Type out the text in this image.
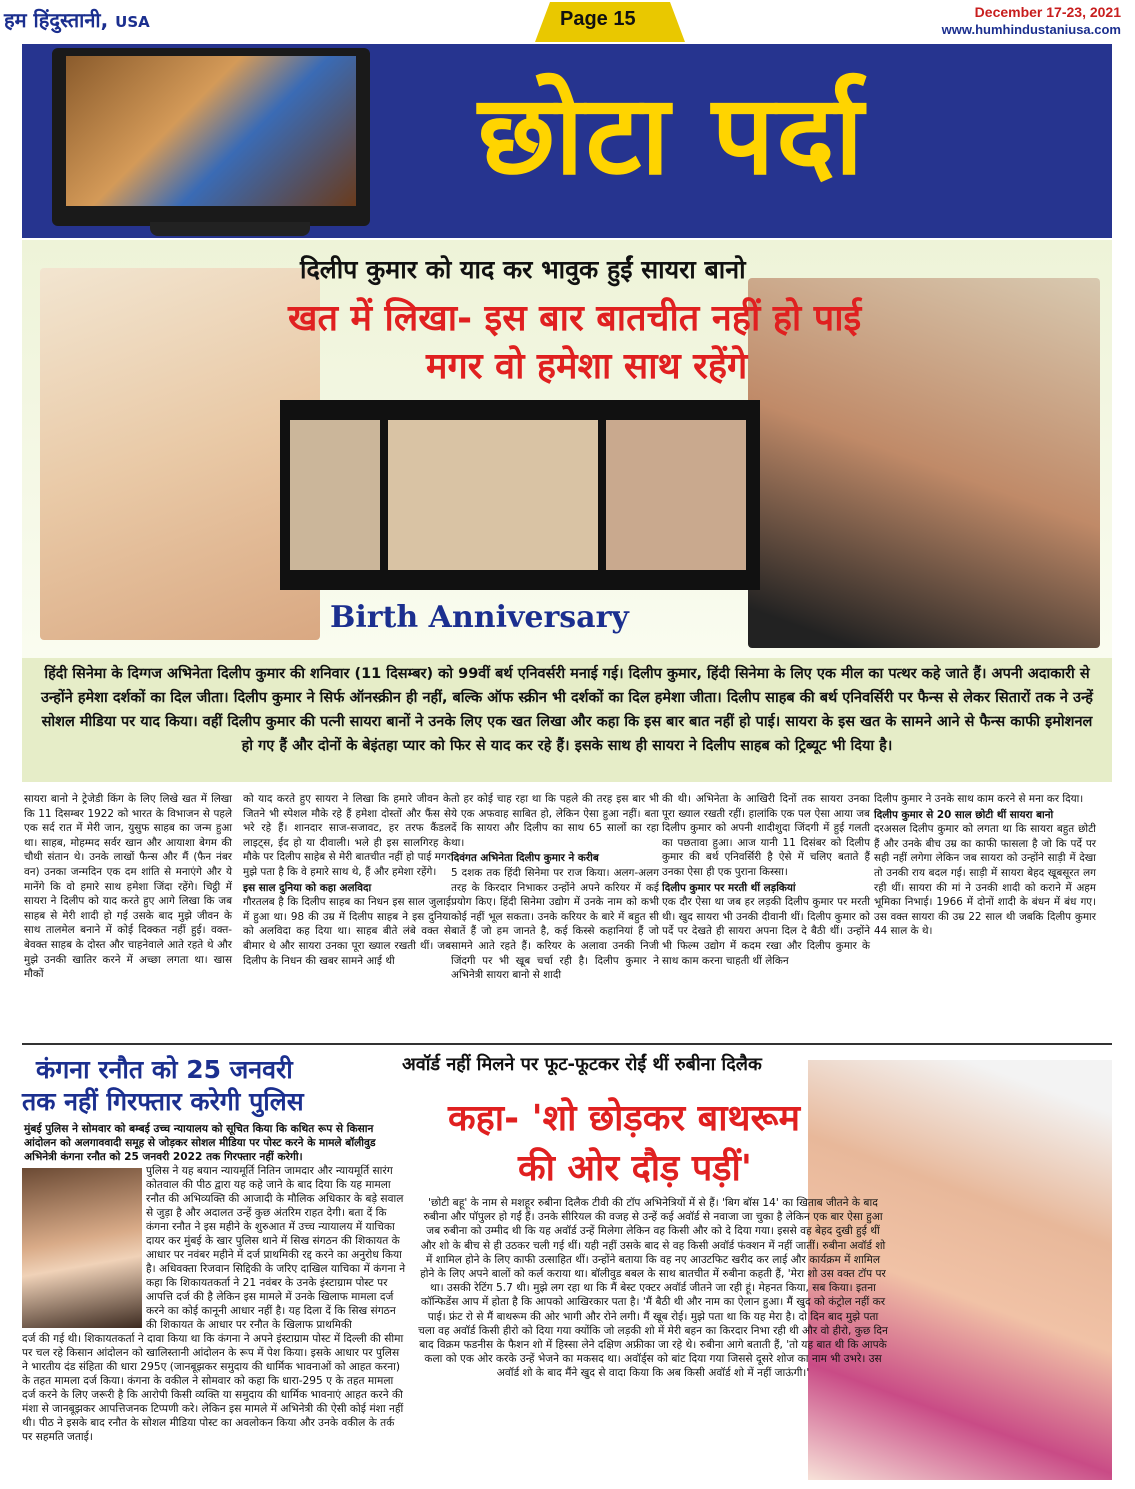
हम हिंदुस्तानी, USA	Page 15	December 17-23, 2021
www.humhindustaniusa.com
छोटा पर्दा
दिलीप कुमार को याद कर भावुक हुईं सायरा बानो
खत में लिखा- इस बार बातचीत नहीं हो पाई
मगर वो हमेशा साथ रहेंगे
Birth Anniversary
हिंदी सिनेमा के दिग्गज अभिनेता दिलीप कुमार की शनिवार (11 दिसम्बर) को 99वीं बर्थ एनिवर्सरी मनाई गई। दिलीप कुमार, हिंदी सिनेमा के लिए एक मील का पत्थर कहे जाते हैं। अपनी अदाकारी से उन्होंने हमेशा दर्शकों का दिल जीता। दिलीप कुमार ने सिर्फ ऑनस्क्रीन ही नहीं, बल्कि ऑफ स्क्रीन भी दर्शकों का दिल हमेशा जीता। दिलीप साहब की बर्थ एनिवर्सिरी पर फैन्स से लेकर सितारों तक ने उन्हें सोशल मीडिया पर याद किया। वहीं दिलीप कुमार की पत्नी सायरा बानों ने उनके लिए एक खत लिखा और कहा कि इस बार बात नहीं हो पाई। सायरा के इस खत के सामने आने से फैन्स काफी इमोशनल हो गए हैं और दोनों के बेइंतहा प्यार को फिर से याद कर रहे हैं। इसके साथ ही सायरा ने दिलीप साहब को ट्रिब्यूट भी दिया है।

सायरा बानो ने ट्रेजेडी किंग के लिए लिखे खत में लिखा कि 11 दिसम्बर 1922 को भारत के विभाजन से पहले एक सर्द रात में मेरी जान, युसुफ साहब का जन्म हुआ था। साहब, मोहम्मद सर्वर खान और आयाशा बेगम की चौथी संतान थे। उनके लाखों फैन्स और मैं (फैन नंबर वन) उनका जन्मदिन एक दम शांति से मनाएंगे और ये मानेंगे कि वो हमारे साथ हमेशा जिंदा रहेंगे। चिट्ठी में सायरा ने दिलीप को याद करते हुए आगे लिखा कि जब साहब से मेरी शादी हो गई उसके बाद मुझे जीवन के साथ तालमेल बनाने में कोई दिक्कत नहीं हुई। वक्त-बेवक्त साहब के दोस्त और चाहनेवाले आते रहते थे और मुझे उनकी खातिर करने में अच्छा लगता था। खास मौकों

को याद करते हुए सायरा ने लिखा कि हमारे जीवन के जितने भी स्पेशल मौके रहे हैं हमेशा दोस्तों और फैंस से भरे रहे हैं। शानदार साज-सजावट, हर तरफ कैंडल लाइट्स, ईद हो या दीवाली। भले ही इस सालगिरह के मौके पर दिलीप साहेब से मेरी बातचीत नहीं हो पाई मगर मुझे पता है कि वे हमारे साथ थे, हैं और हमेशा रहेंगे।

इस साल दुनिया को कहा अलविदा

गौरतलब है कि दिलीप साहब का निधन इस साल जुलाई में हुआ था। 98 की उम्र में दिलीप साहब ने इस दुनिया को अलविदा कह दिया था। साहब बीते लंबे वक्त से बीमार थे और सायरा उनका पूरा ख्याल रखती थीं। जब दिलीप के निधन की खबर सामने आई थी

तो हर कोई चाह रहा था कि पहले की तरह इस बार भी ये एक अफवाह साबित हो, लेकिन ऐसा हुआ नहीं। बता दें कि सायरा और दिलीप का साथ 65 सालों का रहा था।

दिवंगत अभिनेता दिलीप कुमार ने करीब

5 दशक तक हिंदी सिनेमा पर राज किया। अलग-अलग तरह के किरदार निभाकर उन्होंने अपने करियर में कई प्रयोग किए। हिंदी सिनेमा उद्योग में उनके नाम को कभी कोई नहीं भूल सकता। उनके करियर के बारे में बहुत सी बातें हैं जो हम जानते है, कई किस्से कहानियां हैं जो सामने आते रहते हैं। करियर के अलावा उनकी निजी जिंदगी पर भी खूब चर्चा रही है। दिलीप कुमार ने अभिनेत्री सायरा बानो से शादी

की थी। अभिनेता के आखिरी दिनों तक सायरा उनका पूरा ख्याल रखती रहीं। हालांकि एक पल ऐसा आया जब दिलीप कुमार को अपनी शादीशुदा जिंदगी में हुई गलती का पछतावा हुआ। आज यानी 11 दिसंबर को दिलीप कुमार की बर्थ एनिवर्सिरी है ऐसे में चलिए बताते हैं उनका ऐसा ही एक पुराना किस्सा।

दिलीप कुमार पर मरती थीं लड़कियां

एक दौर ऐसा था जब हर लड़की दिलीप कुमार पर मरती थी। खुद सायरा भी उनकी दीवानी थीं। दिलीप कुमार को पर्दे पर देखते ही सायरा अपना दिल दे बैठी थीं। उन्होंने भी फिल्म उद्योग में कदम रखा और दिलीप कुमार के साथ काम करना चाहती थीं लेकिन

दिलीप कुमार ने उनके साथ काम करने से मना कर दिया।

दिलीप कुमार से 20 साल छोटी थीं सायरा बानो

दरअसल दिलीप कुमार को लगता था कि सायरा बहुत छोटी हैं और उनके बीच उम्र का काफी फासला है जो कि पर्दे पर सही नहीं लगेगा लेकिन जब सायरा को उन्होंने साड़ी में देखा तो उनकी राय बदल गई। साड़ी में सायरा बेहद खूबसूरत लग रही थीं। सायरा की मां ने उनकी शादी को कराने में अहम भूमिका निभाई। 1966 में दोनों शादी के बंधन में बंध गए। उस वक्त सायरा की उम्र 22 साल थी जबकि दिलीप कुमार 44 साल के थे।

कंगना रनौत को 25 जनवरी
तक नहीं गिरफ्तार करेगी पुलिस
मुंबई पुलिस ने सोमवार को बम्बई उच्च न्यायालय को सूचित किया कि कथित रूप से किसान आंदोलन को अलगाववादी समूह से जोड़कर सोशल मीडिया पर पोस्ट करने के मामले बॉलीवुड अभिनेत्री कंगना रनौत को 25 जनवरी 2022 तक गिरफ्तार नहीं करेगी।
पुलिस ने यह बयान न्यायमूर्ति नितिन जामदार और न्यायमूर्ति सारंग कोतवाल की पीठ द्वारा यह कहे जाने के बाद दिया कि यह मामला रनौत की अभिव्यक्ति की आजादी के मौलिक अधिकार के बड़े सवाल से जुड़ा है और अदालत उन्हें कुछ अंतरिम राहत देगी। बता दें कि कंगना रनौत ने इस महीने के शुरुआत में उच्च न्यायालय में याचिका दायर कर मुंबई के खार पुलिस थाने में सिख संगठन की शिकायत के आधार पर नवंबर महीने में दर्ज प्राथमिकी रद्द करने का अनुरोध किया है। अधिवक्ता रिजवान सिद्दिकी के जरिए दाखिल याचिका में कंगना ने कहा कि शिकायतकर्ता ने 21 नवंबर के उनके इंस्टाग्राम पोस्ट पर आपत्ति दर्ज की है लेकिन इस मामले में उनके खिलाफ मामला दर्ज करने का कोई कानूनी आधार नहीं है। यह दिला दें कि सिख संगठन की शिकायत के आधार पर रनौत के खिलाफ प्राथमिकी
दर्ज की गई थी। शिकायतकर्ता ने दावा किया था कि कंगना ने अपने इंस्टाग्राम पोस्ट में दिल्ली की सीमा पर चल रहे किसान आंदोलन को खालिस्तानी आंदोलन के रूप में पेश किया। इसके आधार पर पुलिस ने भारतीय दंड संहिता की धारा 295ए (जानबूझकर समुदाय की धार्मिक भावनाओं को आहत करना) के तहत मामला दर्ज किया। कंगना के वकील ने सोमवार को कहा कि धारा-295 ए के तहत मामला दर्ज करने के लिए जरूरी है कि आरोपी किसी व्यक्ति या समुदाय की धार्मिक भावनाएं आहत करने की मंशा से जानबूझकर आपत्तिजनक टिप्पणी करे। लेकिन इस मामले में अभिनेत्री की ऐसी कोई मंशा नहीं थी। पीठ ने इसके बाद रनौत के सोशल मीडिया पोस्ट का अवलोकन किया और उनके वकील के तर्क पर सहमति जताई।
अवॉर्ड नहीं मिलने पर फूट-फूटकर रोईं थीं रुबीना दिलैक
कहा- 'शो छोड़कर बाथरूम
की ओर दौड़ पड़ीं'
'छोटी बहू' के नाम से मशहूर रुबीना दिलैक टीवी की टॉप अभिनेत्रियों में से हैं। 'बिग बॉस 14' का खिताब जीतने के बाद रुबीना और पॉपुलर हो गईं हैं। उनके सीरियल की वजह से उन्हें कई अवॉर्ड से नवाजा जा चुका है लेकिन एक बार ऐसा हुआ जब रुबीना को उम्मीद थी कि यह अवॉर्ड उन्हें मिलेगा लेकिन वह किसी और को दे दिया गया। इससे वह बेहद दुखी हुई थीं और शो के बीच से ही उठकर चली गई थीं। यही नहीं उसके बाद से वह किसी अवॉर्ड फंक्शन में नहीं जातीं। रुबीना अवॉर्ड शो में शामिल होने के लिए काफी उत्साहित थीं। उन्होंने बताया कि वह नए आउटफिट खरीद कर लाई और कार्यक्रम में शामिल होने के लिए अपने बालों को कर्ल कराया था। बॉलीवुड बबल के साथ बातचीत में रुबीना कहती हैं, 'मेरा शो उस वक्त टॉप पर था। उसकी रेटिंग 5.7 थी। मुझे लग रहा था कि मैं बेस्ट एक्टर अवॉर्ड जीतने जा रही हूं। मेहनत किया, सब किया। इतना कॉन्फिडेंस आप में होता है कि आपको आखिरकार पता है। 'मैं बैठी थी और नाम का ऐलान हुआ। मैं खुद को कंट्रोल नहीं कर पाई। फ्रंट रो से मैं बाथरूम की ओर भागी और रोने लगी। मैं खूब रोई। मुझे पता था कि यह मेरा है। दो दिन बाद मुझे पता चला वह अवॉर्ड किसी हीरो को दिया गया क्योंकि जो लड़की शो में मेरी बहन का किरदार निभा रही थी और वो हीरो, कुछ दिन बाद विक्रम फडनीस के फैशन शो में हिस्सा लेने दक्षिण अफ्रीका जा रहे थे। रुबीना आगे बताती हैं, 'तो यह बात थी कि आपके कला को एक ओर करके उन्हें भेजने का मकसद था। अवॉर्ड्स को बांट दिया गया जिससे दूसरे शोज का नाम भी उभरे। उस अवॉर्ड शो के बाद मैंने खुद से वादा किया कि अब किसी अवॉर्ड शो में नहीं जाऊंगी।'
